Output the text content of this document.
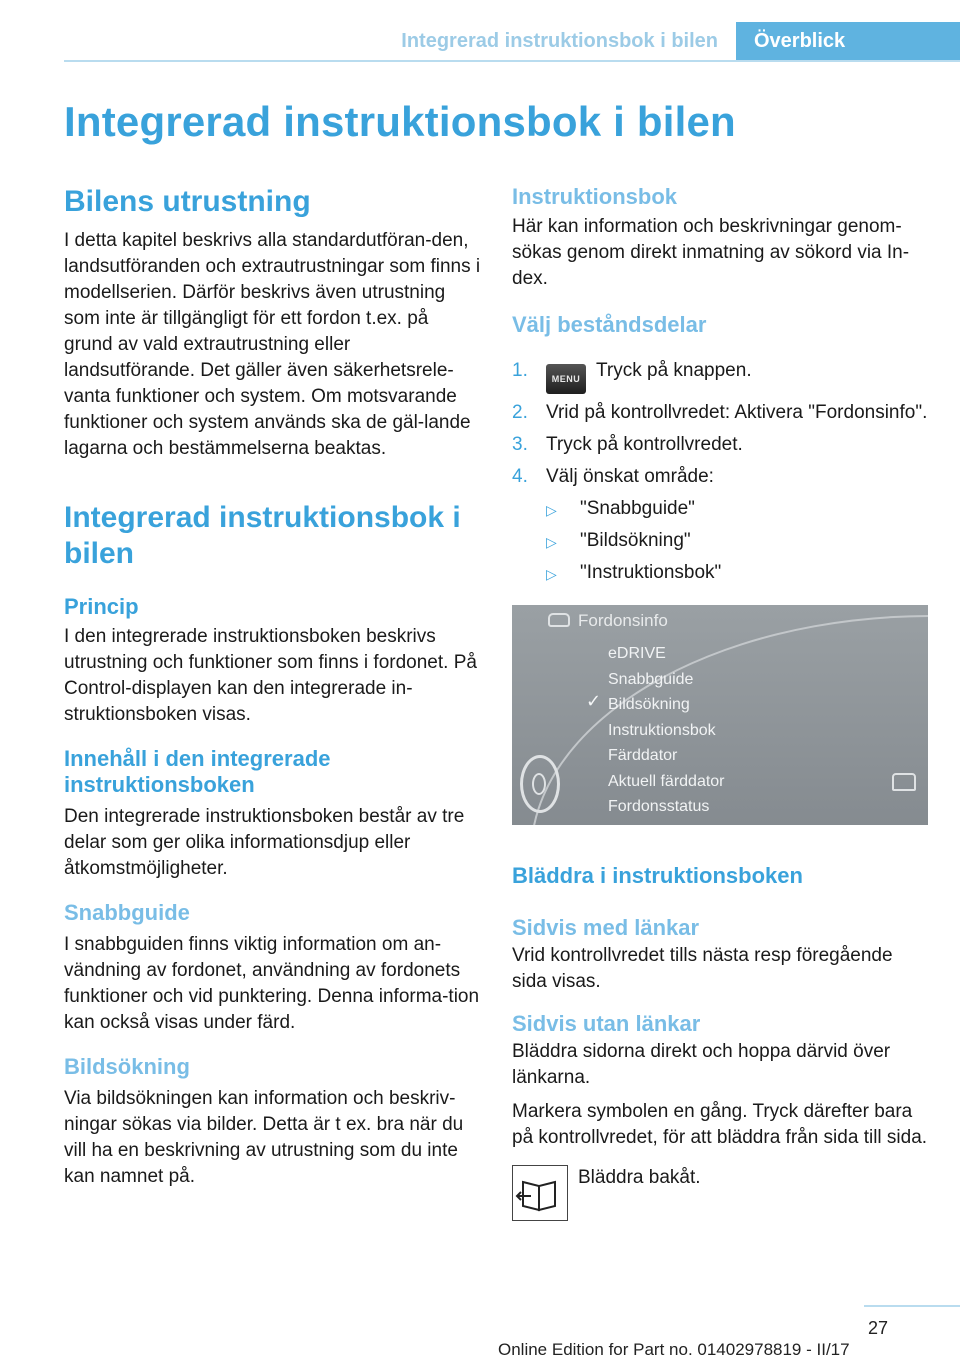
Integrerad instruktionsbok i bilen	Överblick
Integrerad instruktionsbok i bilen
Bilens utrustning

I detta kapitel beskrivs alla standardutföran-den, landsutföranden och extrautrustningar som finns i modellserien. Därför beskrivs även utrustning som inte är tillgängligt för ett fordon t.ex. på grund av vald extrautrustning eller landsutförande. Det gäller även säkerhetsrele-vanta funktioner och system. Om motsvarande funktioner och system används ska de gäl-lande lagarna och bestämmelserna beaktas.

Integrerad instruktionsbok i bilen
Princip

I den integrerade instruktionsboken beskrivs utrustning och funktioner som finns i fordonet. På Control-displayen kan den integrerade in-struktionsboken visas.

Innehåll i den integrerade instruktionsboken

Den integrerade instruktionsboken består av tre delar som ger olika informationsdjup eller åtkomstmöjligheter.

Snabbguide

I snabbguiden finns viktig information om an-vändning av fordonet, användning av fordonets funktioner och vid punktering. Denna informa-tion kan också visas under färd.

Bildsökning

Via bildsökningen kan information och beskriv-ningar sökas via bilder. Detta är t ex. bra när du vill ha en beskrivning av utrustning som du inte kan namnet på.

Instruktionsbok

Här kan information och beskrivningar genom-sökas genom direkt inmatning av sökord via In-dex.

Välj beståndsdelar
1.	MENU Tryck på knappen.
2. Vrid på kontrollvredet: Aktivera "Fordonsinfo".
3. Tryck på kontrollvredet.
4. Välj önskat område:
▷	"Snabbguide"
▷	"Bildsökning"
▷	"Instruktionsbok"
Fordonsinfo
✓
eDRIVE
Snabbguide
Bildsökning
Instruktionsbok
Färddator
Aktuell färddator
Fordonsstatus
Bläddra i instruktionsboken
Sidvis med länkar

Vrid kontrollvredet tills nästa resp föregående sida visas.

Sidvis utan länkar

Bläddra sidorna direkt och hoppa därvid över länkarna.

Markera symbolen en gång. Tryck därefter bara på kontrollvredet, för att bläddra från sida till sida.

Bläddra bakåt.
27
Online Edition for Part no. 01402978819 - II/17
